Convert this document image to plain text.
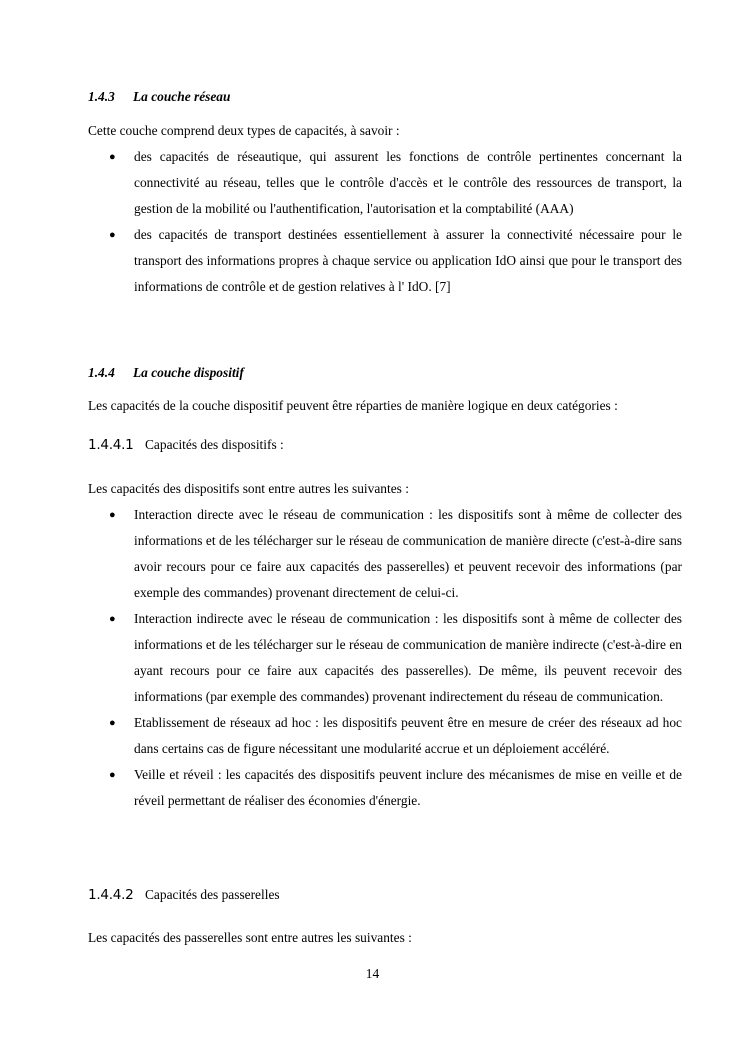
1.4.3 La couche réseau

Cette couche comprend deux types de capacités, à savoir :

● des capacités de réseautique, qui assurent les fonctions de contrôle pertinentes concernant la connectivité au réseau, telles que le contrôle d'accès et le contrôle des ressources de transport, la gestion de la mobilité ou l'authentification, l'autorisation et la comptabilité (AAA)
● des capacités de transport destinées essentiellement à assurer la connectivité nécessaire pour le transport des informations propres à chaque service ou application IdO ainsi que pour le transport des informations de contrôle et de gestion relatives à l' IdO. [7]
1.4.4 La couche dispositif

Les capacités de la couche dispositif peuvent être réparties de manière logique en deux catégories :

1.4.4.1 Capacités des dispositifs :

Les capacités des dispositifs sont entre autres les suivantes :

● Interaction directe avec le réseau de communication : les dispositifs sont à même de collecter des informations et de les télécharger sur le réseau de communication de manière directe (c'est-à-dire sans avoir recours pour ce faire aux capacités des passerelles) et peuvent recevoir des informations (par exemple des commandes) provenant directement de celui-ci.
● Interaction indirecte avec le réseau de communication : les dispositifs sont à même de collecter des informations et de les télécharger sur le réseau de communication de manière indirecte (c'est-à-dire en ayant recours pour ce faire aux capacités des passerelles). De même, ils peuvent recevoir des informations (par exemple des commandes) provenant indirectement du réseau de communication.
● Etablissement de réseaux ad hoc : les dispositifs peuvent être en mesure de créer des réseaux ad hoc dans certains cas de figure nécessitant une modularité accrue et un déploiement accéléré.
● Veille et réveil : les capacités des dispositifs peuvent inclure des mécanismes de mise en veille et de réveil permettant de réaliser des économies d'énergie.
1.4.4.2 Capacités des passerelles

Les capacités des passerelles sont entre autres les suivantes :

14
